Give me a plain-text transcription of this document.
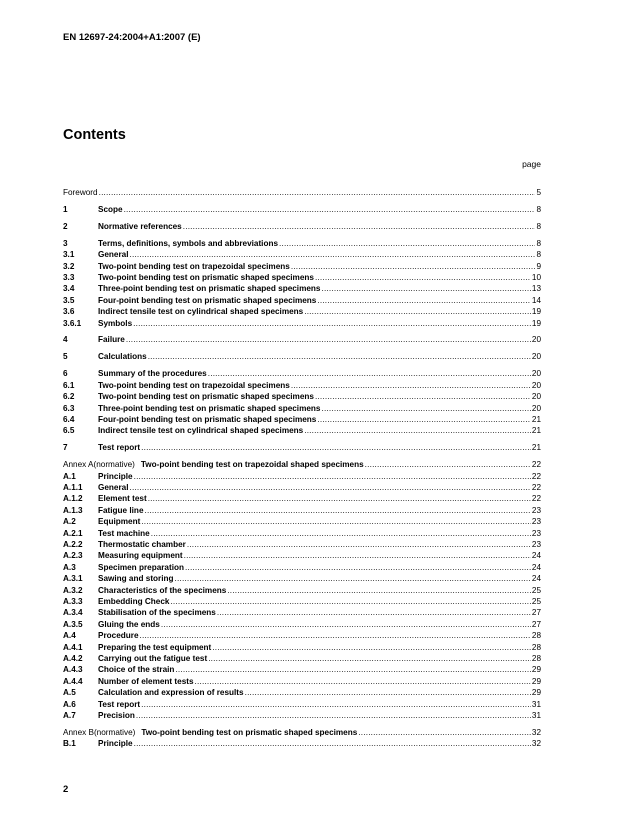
EN 12697-24:2004+A1:2007 (E)
Contents
page
Foreword .....	5
1	Scope .....	8
2	Normative references .....	8
3	Terms, definitions, symbols and abbreviations .....	8
3.1	General .....	8
3.2	Two-point bending test on trapezoidal specimens .....	9
3.3	Two-point bending test on prismatic shaped specimens .....	10
3.4	Three-point bending test on prismatic shaped specimens .....	13
3.5	Four-point bending test on prismatic shaped specimens .....	14
3.6	Indirect tensile test on cylindrical shaped specimens .....	19
3.6.1	Symbols .....	19
4	Failure .....	20
5	Calculations .....	20
6	Summary of the procedures .....	20
6.1	Two-point bending test on trapezoidal specimens .....	20
6.2	Two-point bending test on prismatic shaped specimens .....	20
6.3	Three-point bending test on prismatic shaped specimens .....	20
6.4	Four-point bending test on prismatic shaped specimens .....	21
6.5	Indirect tensile test on cylindrical shaped specimens .....	21
7	Test report .....	21
Annex A (normative) Two-point bending test on trapezoidal shaped specimens .....	22
A.1	Principle .....	22
A.1.1	General .....	22
A.1.2	Element test .....	22
A.1.3	Fatigue line .....	23
A.2	Equipment .....	23
A.2.1	Test machine .....	23
A.2.2	Thermostatic chamber .....	23
A.2.3	Measuring equipment .....	24
A.3	Specimen preparation .....	24
A.3.1	Sawing and storing .....	24
A.3.2	Characteristics of the specimens .....	25
A.3.3	Embedding Check .....	25
A.3.4	Stabilisation of the specimens .....	27
A.3.5	Gluing the ends .....	27
A.4	Procedure .....	28
A.4.1	Preparing the test equipment .....	28
A.4.2	Carrying out the fatigue test .....	28
A.4.3	Choice of the strain .....	29
A.4.4	Number of element tests .....	29
A.5	Calculation and expression of results .....	29
A.6	Test report .....	31
A.7	Precision .....	31
Annex B (normative) Two-point bending test on prismatic shaped specimens .....	32
B.1	Principle .....	32
2
